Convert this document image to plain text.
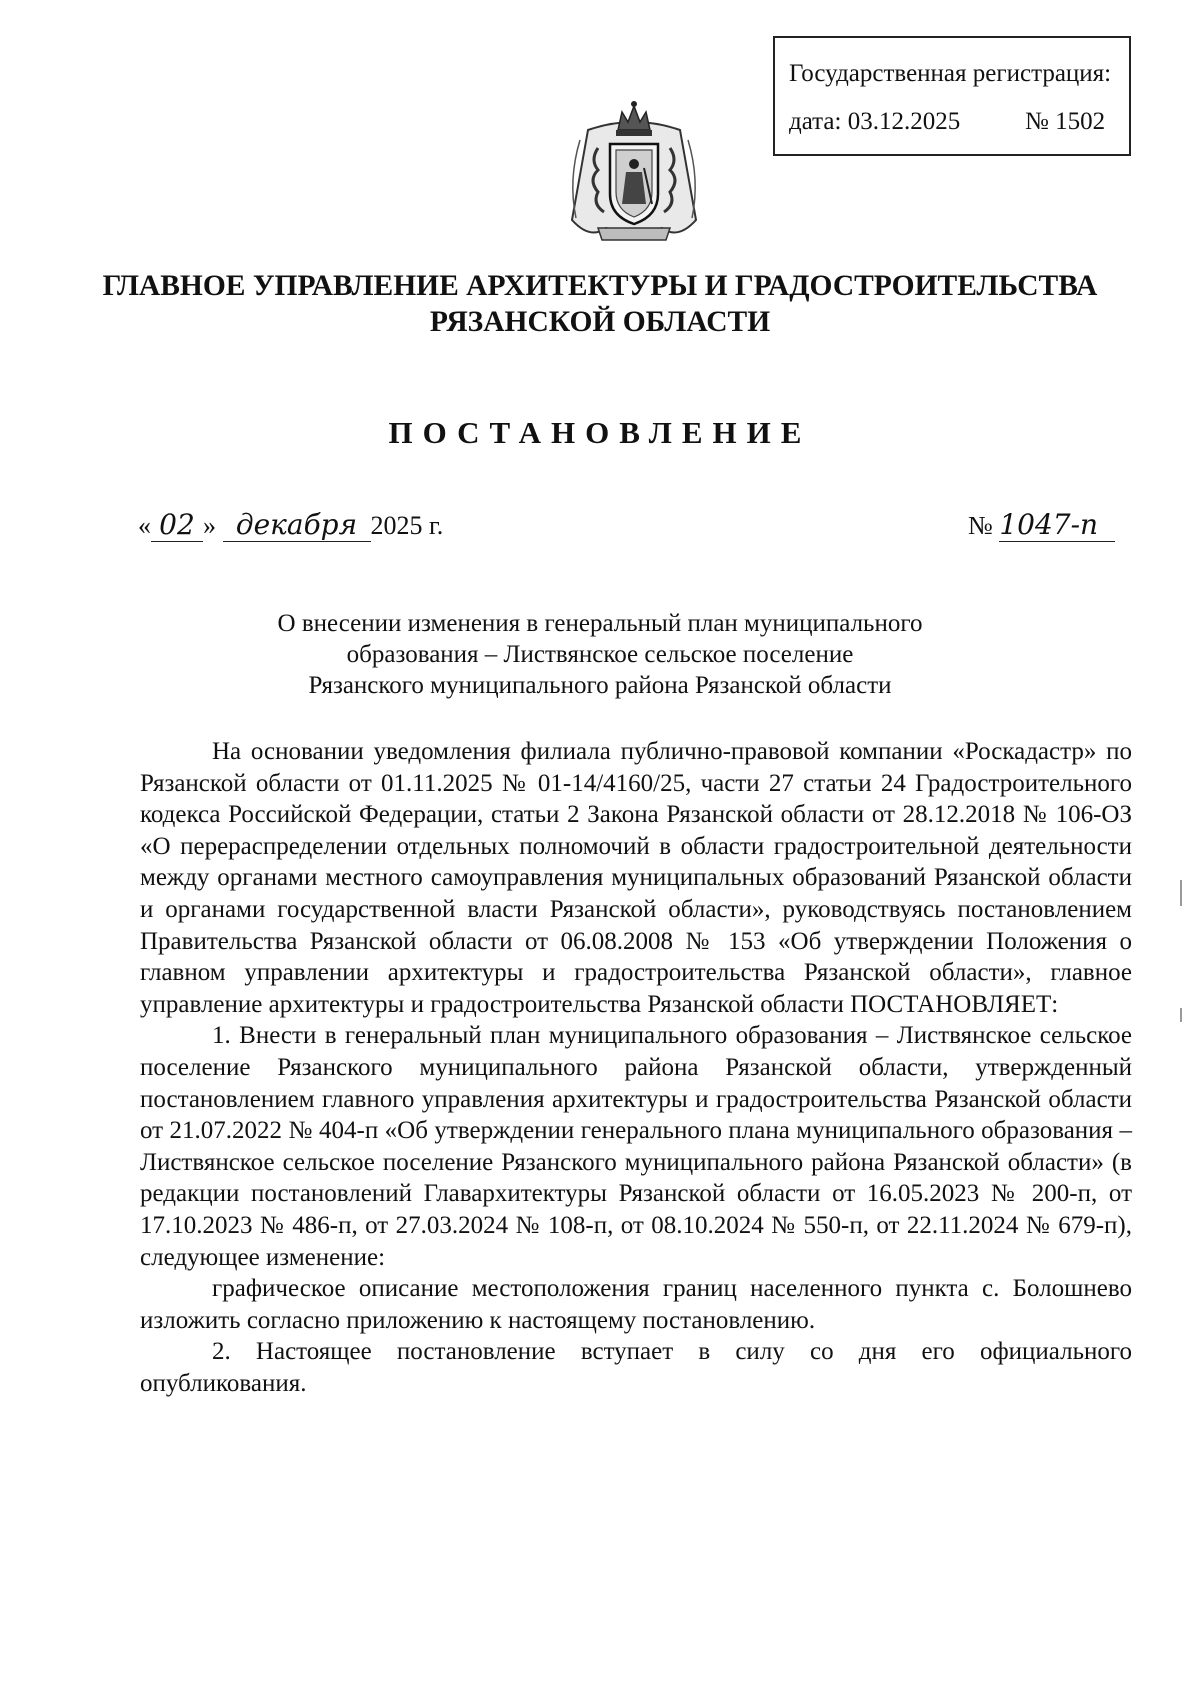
Государственная регистрация:
дата: 03.12.2025	№ 1502
ГЛАВНОЕ УПРАВЛЕНИЕ АРХИТЕКТУРЫ И ГРАДОСТРОИТЕЛЬСТВА
РЯЗАНСКОЙ ОБЛАСТИ
ПОСТАНОВЛЕНИЕ
« 02 » декабря 2025 г.	№ 1047-п
О внесении изменения в генеральный план муниципального
образования – Листвянское сельское поселение
Рязанского муниципального района Рязанской области

На основании уведомления филиала публично-правовой компании «Роскадастр» по Рязанской области от 01.11.2025 № 01-14/4160/25, части 27 статьи 24 Градостроительного кодекса Российской Федерации, статьи 2 Закона Рязанской области от 28.12.2018 № 106-ОЗ «О перераспределении отдельных полномочий в области градостроительной деятельности между органами местного самоуправления муниципальных образований Рязанской области и органами государственной власти Рязанской области», руководствуясь постановлением Правительства Рязанской области от 06.08.2008 № 153 «Об утверждении Положения о главном управлении архитектуры и градостроительства Рязанской области», главное управление архитектуры и градостроительства Рязанской области ПОСТАНОВЛЯЕТ:

1. Внести в генеральный план муниципального образования – Листвянское сельское поселение Рязанского муниципального района Рязанской области, утвержденный постановлением главного управления архитектуры и градостроительства Рязанской области от 21.07.2022 № 404-п «Об утверждении генерального плана муниципального образования – Листвянское сельское поселение Рязанского муниципального района Рязанской области» (в редакции постановлений Главархитектуры Рязанской области от 16.05.2023 № 200-п, от 17.10.2023 № 486-п, от 27.03.2024 № 108-п, от 08.10.2024 № 550-п, от 22.11.2024 № 679-п), следующее изменение:

графическое описание местоположения границ населенного пункта с. Болошнево изложить согласно приложению к настоящему постановлению.

2. Настоящее постановление вступает в силу со дня его официального опубликования.
